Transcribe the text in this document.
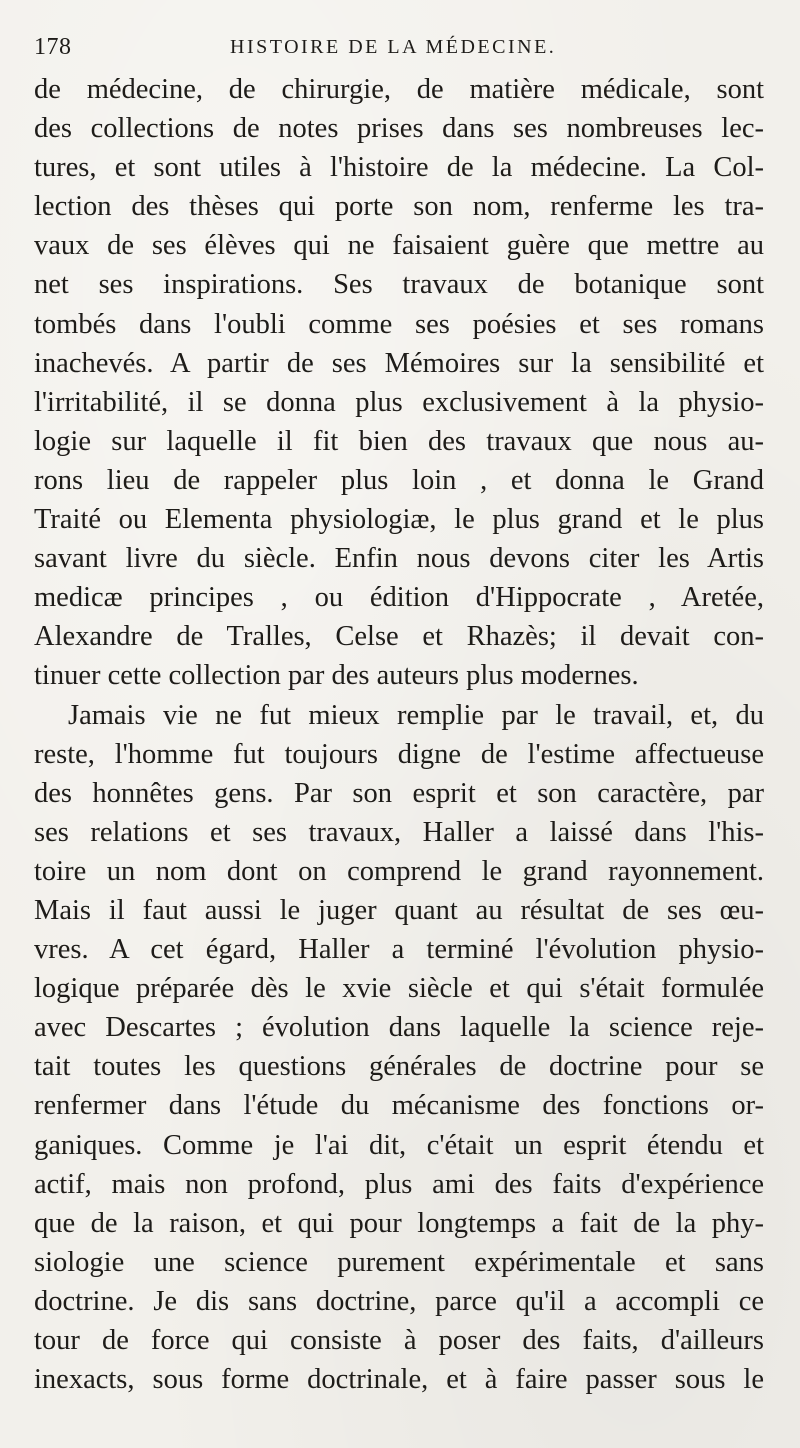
178	HISTOIRE DE LA MÉDECINE.
de médecine, de chirurgie, de matière médicale, sont
des collections de notes prises dans ses nombreuses lec-
tures, et sont utiles à l'histoire de la médecine. La Col-
lection des thèses qui porte son nom, renferme les tra-
vaux de ses élèves qui ne faisaient guère que mettre au
net ses inspirations. Ses travaux de botanique sont
tombés dans l'oubli comme ses poésies et ses romans
inachevés. A partir de ses Mémoires sur la sensibilité et
l'irritabilité, il se donna plus exclusivement à la physio-
logie sur laquelle il fit bien des travaux que nous au-
rons lieu de rappeler plus loin , et donna le Grand
Traité ou Elementa physiologiæ, le plus grand et le plus
savant livre du siècle. Enfin nous devons citer les Artis
medicæ principes , ou édition d'Hippocrate , Aretée,
Alexandre de Tralles, Celse et Rhazès; il devait con-
tinuer cette collection par des auteurs plus modernes.
Jamais vie ne fut mieux remplie par le travail, et, du
reste, l'homme fut toujours digne de l'estime affectueuse
des honnêtes gens. Par son esprit et son caractère, par
ses relations et ses travaux, Haller a laissé dans l'his-
toire un nom dont on comprend le grand rayonnement.
Mais il faut aussi le juger quant au résultat de ses œu-
vres. A cet égard, Haller a terminé l'évolution physio-
logique préparée dès le xvie siècle et qui s'était formulée
avec Descartes ; évolution dans laquelle la science reje-
tait toutes les questions générales de doctrine pour se
renfermer dans l'étude du mécanisme des fonctions or-
ganiques. Comme je l'ai dit, c'était un esprit étendu et
actif, mais non profond, plus ami des faits d'expérience
que de la raison, et qui pour longtemps a fait de la phy-
siologie une science purement expérimentale et sans
doctrine. Je dis sans doctrine, parce qu'il a accompli ce
tour de force qui consiste à poser des faits, d'ailleurs
inexacts, sous forme doctrinale, et à faire passer sous le
